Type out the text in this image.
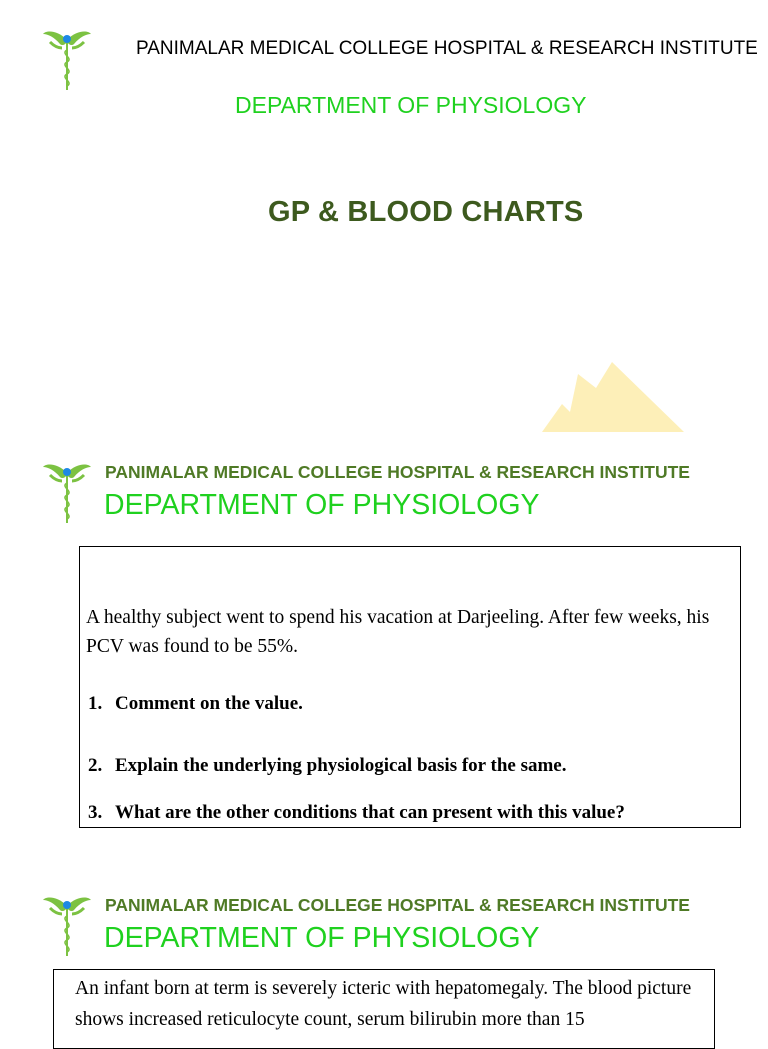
PANIMALAR MEDICAL COLLEGE HOSPITAL & RESEARCH INSTITUTE
DEPARTMENT OF PHYSIOLOGY
GP & BLOOD CHARTS
PANIMALAR MEDICAL COLLEGE HOSPITAL & RESEARCH INSTITUTE
DEPARTMENT OF PHYSIOLOGY
A healthy subject went to spend his vacation at Darjeeling. After few weeks, his PCV was found to be 55%.
1. Comment on the value.
2. Explain the underlying physiological basis for the same.
3. What are the other conditions that can present with this value?
PANIMALAR MEDICAL COLLEGE HOSPITAL & RESEARCH INSTITUTE
DEPARTMENT OF PHYSIOLOGY
An infant born at term is severely icteric with hepatomegaly. The blood picture shows increased reticulocyte count, serum bilirubin more than 15
